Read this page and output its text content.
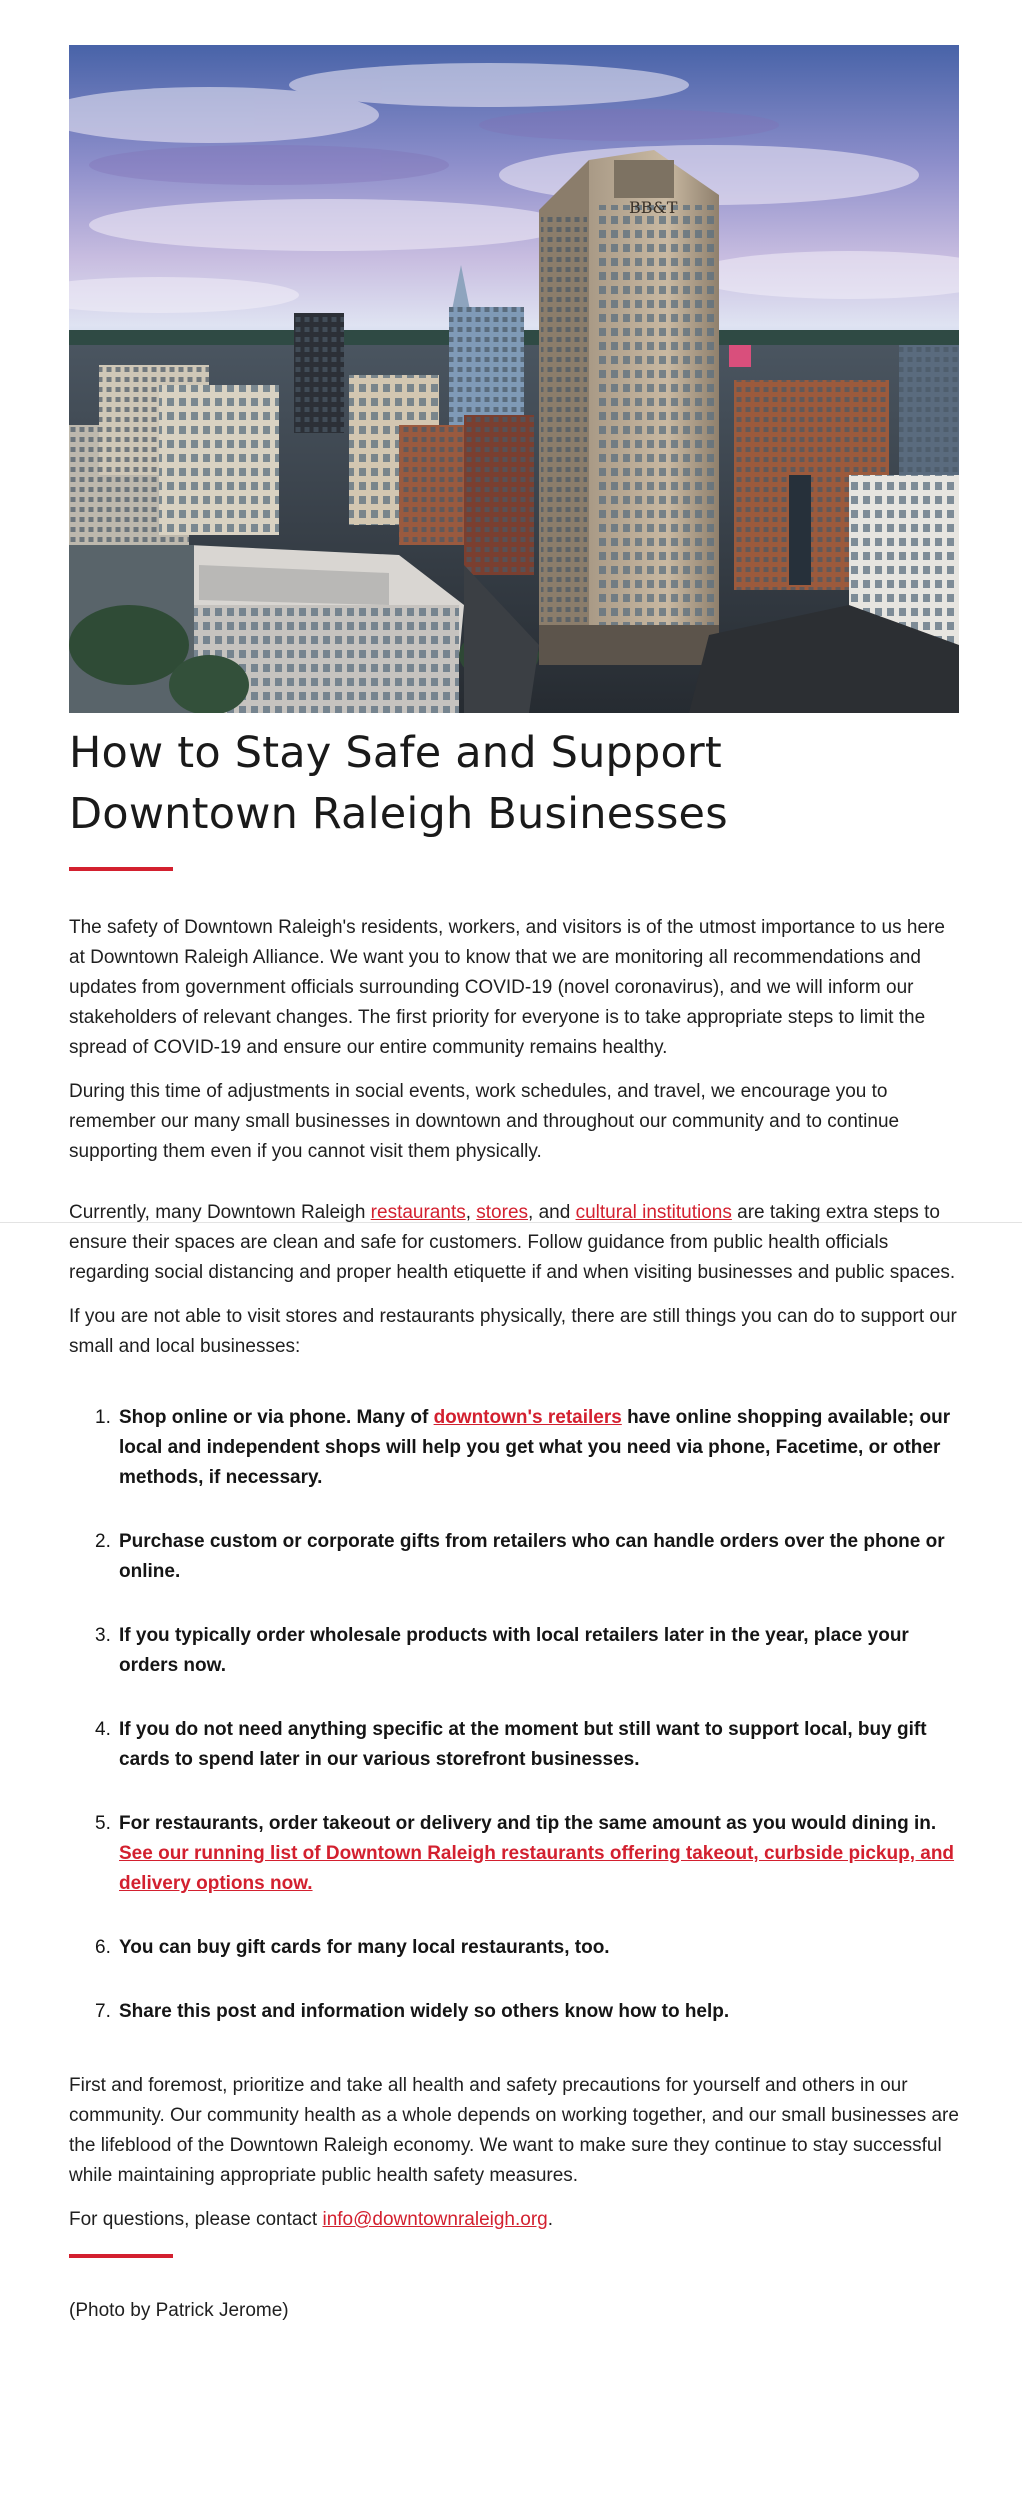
BB&T
How to Stay Safe and Support Downtown Raleigh Businesses

The safety of Downtown Raleigh's residents, workers, and visitors is of the utmost importance to us here at Downtown Raleigh Alliance. We want you to know that we are monitoring all recommendations and updates from government officials surrounding COVID-19 (novel coronavirus), and we will inform our stakeholders of relevant changes. The first priority for everyone is to take appropriate steps to limit the spread of COVID-19 and ensure our entire community remains healthy.

During this time of adjustments in social events, work schedules, and travel, we encourage you to remember our many small businesses in downtown and throughout our community and to continue supporting them even if you cannot visit them physically.

Currently, many Downtown Raleigh restaurants, stores, and cultural institutions are taking extra steps to ensure their spaces are clean and safe for customers. Follow guidance from public health officials regarding social distancing and proper health etiquette if and when visiting businesses and public spaces.

If you are not able to visit stores and restaurants physically, there are still things you can do to support our small and local businesses:

1. Shop online or via phone. Many of downtown's retailers have online shopping available; our local and independent shops will help you get what you need via phone, Facetime, or other methods, if necessary.
2. Purchase custom or corporate gifts from retailers who can handle orders over the phone or online.
3. If you typically order wholesale products with local retailers later in the year, place your orders now.
4. If you do not need anything specific at the moment but still want to support local, buy gift cards to spend later in our various storefront businesses.
5. For restaurants, order takeout or delivery and tip the same amount as you would dining in. See our running list of Downtown Raleigh restaurants offering takeout, curbside pickup, and delivery options now.
6. You can buy gift cards for many local restaurants, too.
7. Share this post and information widely so others know how to help.

First and foremost, prioritize and take all health and safety precautions for yourself and others in our community. Our community health as a whole depends on working together, and our small businesses are the lifeblood of the Downtown Raleigh economy. We want to make sure they continue to stay successful while maintaining appropriate public health safety measures.

For questions, please contact info@downtownraleigh.org.

(Photo by Patrick Jerome)
